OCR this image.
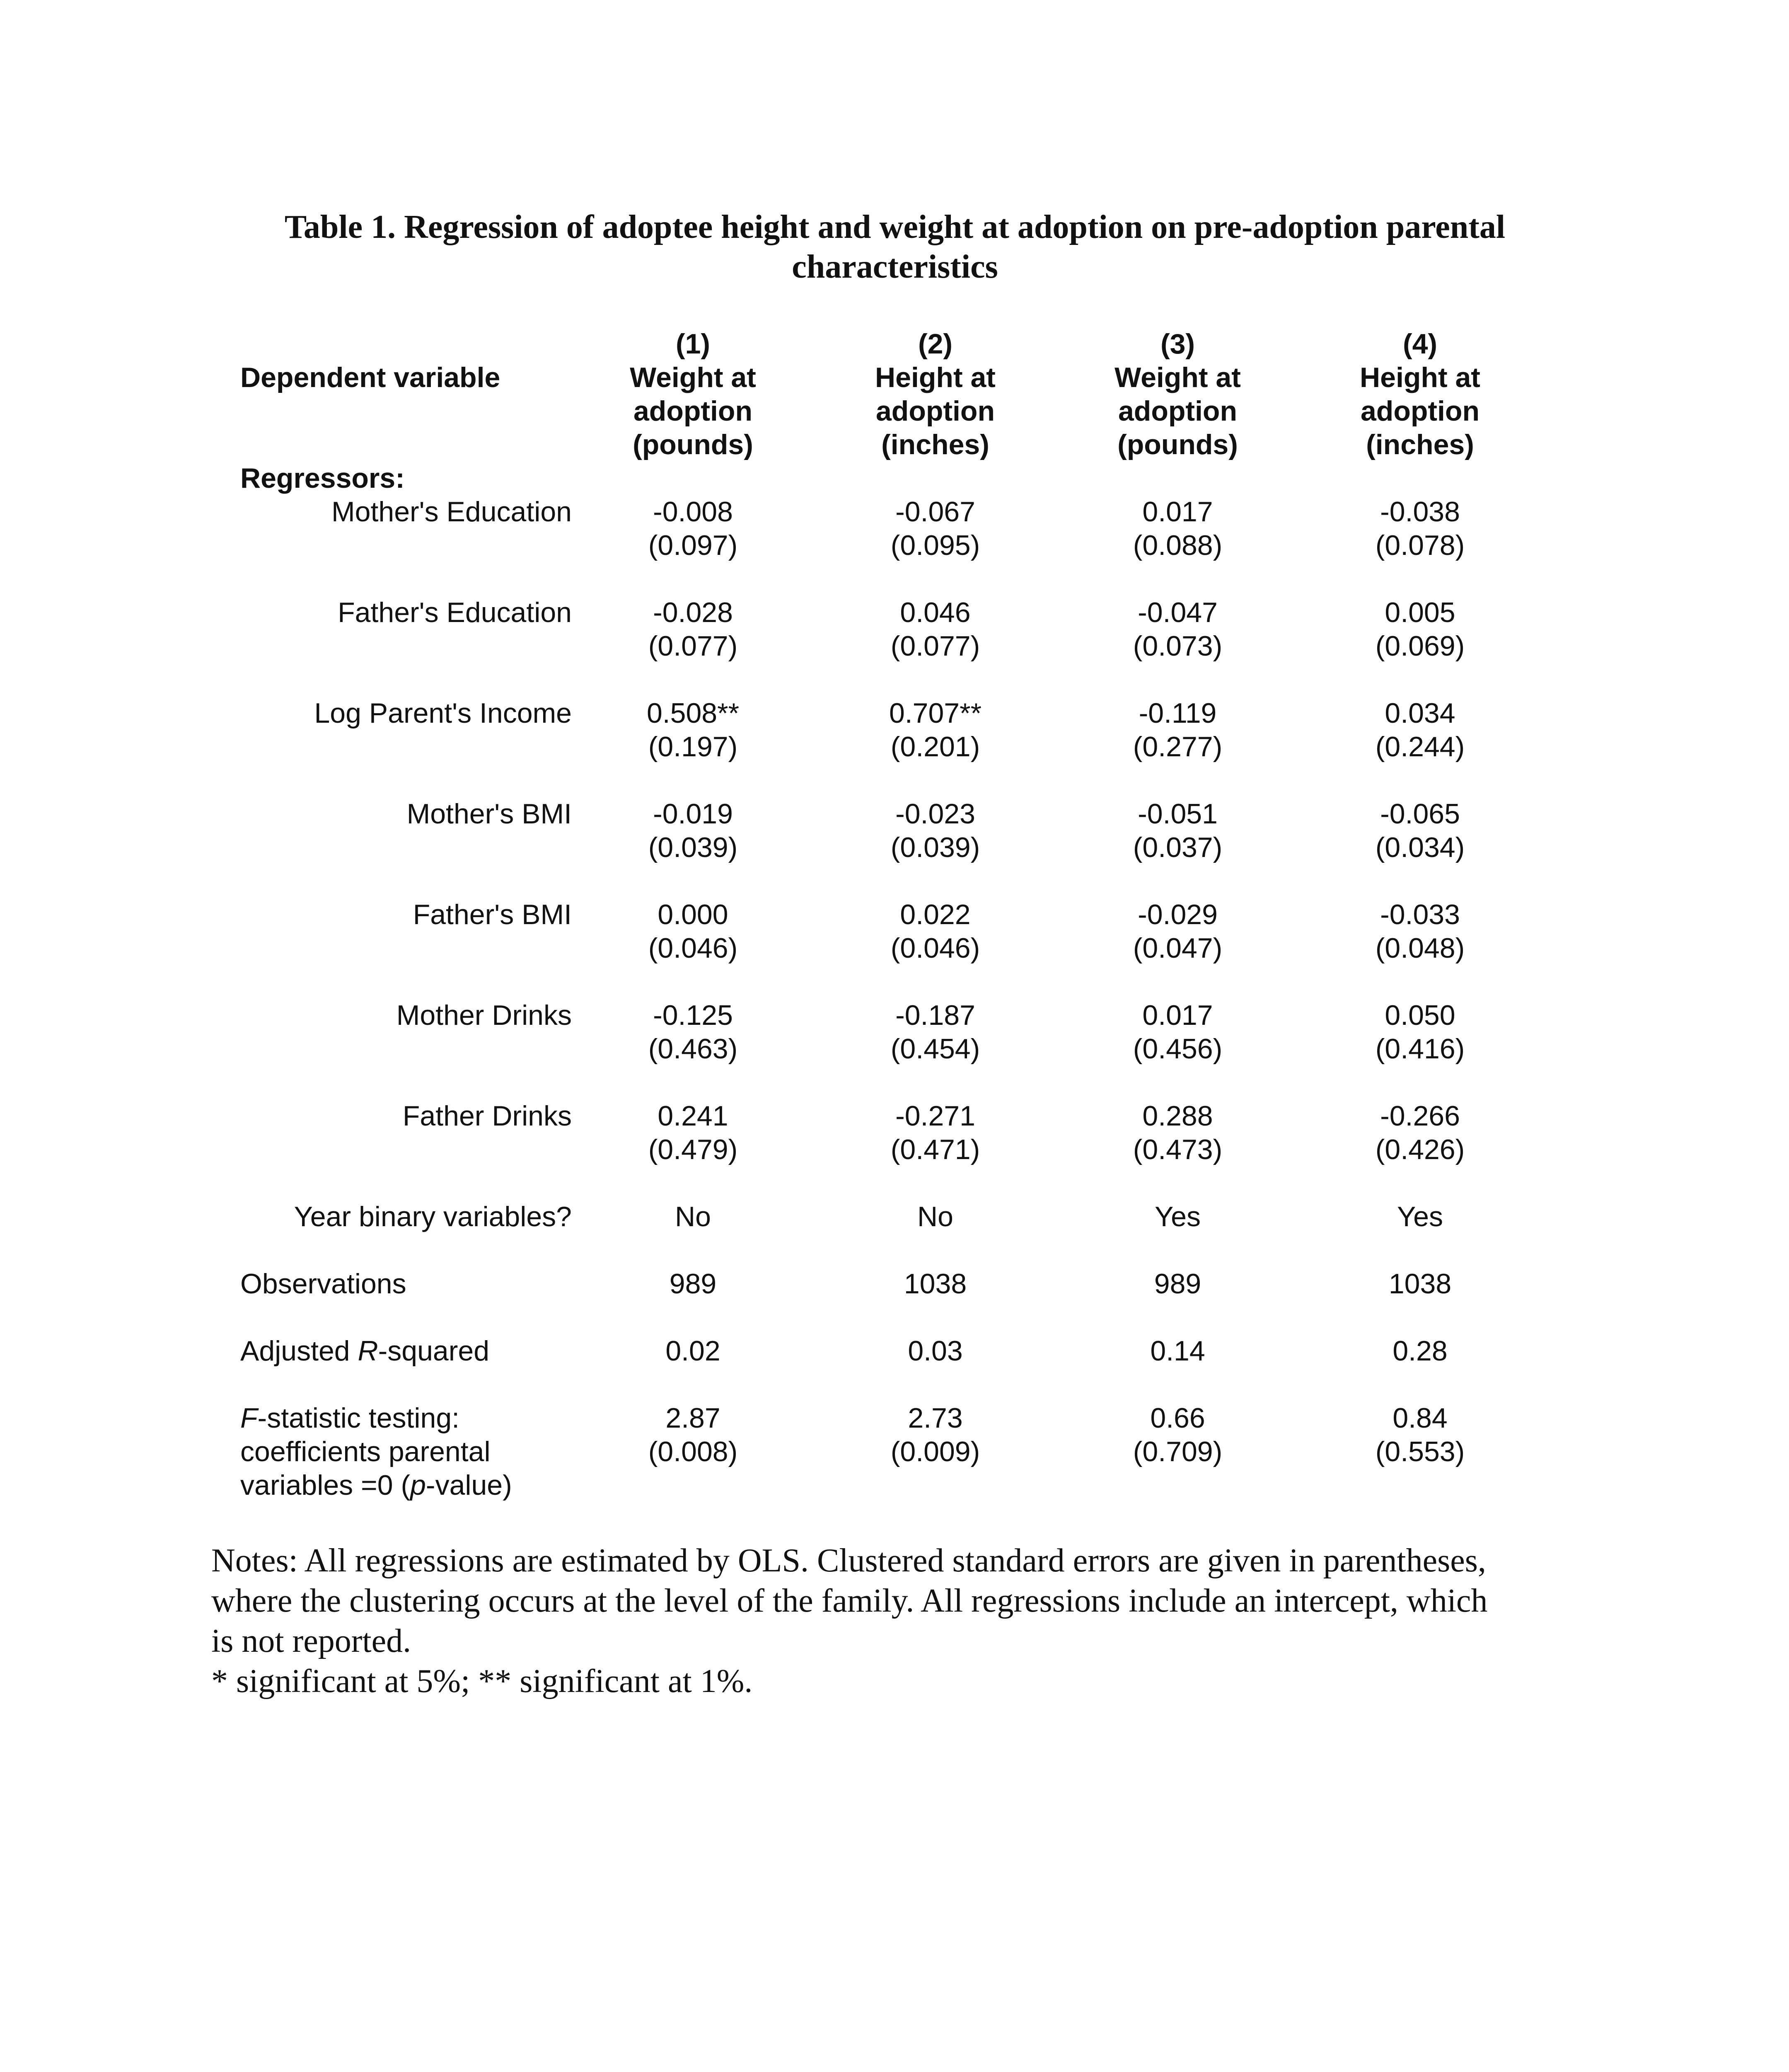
Table 1. Regression of adoptee height and weight at adoption on pre-adoption parental
characteristics
	(1)	(2)	(3)	(4)
Dependent variable	Weight at	Height at	Weight at	Height at
	adoption	adoption	adoption	adoption
	(pounds)	(inches)	(pounds)	(inches)
Regressors:				
Mother's Education	-0.008	-0.067	0.017	-0.038
	(0.097)	(0.095)	(0.088)	(0.078)

Father's Education	-0.028	0.046	-0.047	0.005
	(0.077)	(0.077)	(0.073)	(0.069)

Log Parent's Income	0.508**	0.707**	-0.119	0.034
	(0.197)	(0.201)	(0.277)	(0.244)

Mother's BMI	-0.019	-0.023	-0.051	-0.065
	(0.039)	(0.039)	(0.037)	(0.034)

Father's BMI	0.000	0.022	-0.029	-0.033
	(0.046)	(0.046)	(0.047)	(0.048)

Mother Drinks	-0.125	-0.187	0.017	0.050
	(0.463)	(0.454)	(0.456)	(0.416)

Father Drinks	0.241	-0.271	0.288	-0.266
	(0.479)	(0.471)	(0.473)	(0.426)

Year binary variables?	No	No	Yes	Yes

Observations	989	1038	989	1038

Adjusted R-squared	0.02	0.03	0.14	0.28

F-statistic testing:	2.87	2.73	0.66	0.84
coefficients parental	(0.008)	(0.009)	(0.709)	(0.553)
variables =0 (p-value)				
Notes: All regressions are estimated by OLS. Clustered standard errors are given in parentheses,
where the clustering occurs at the level of the family. All regressions include an intercept, which
is not reported.
* significant at 5%; ** significant at 1%.
